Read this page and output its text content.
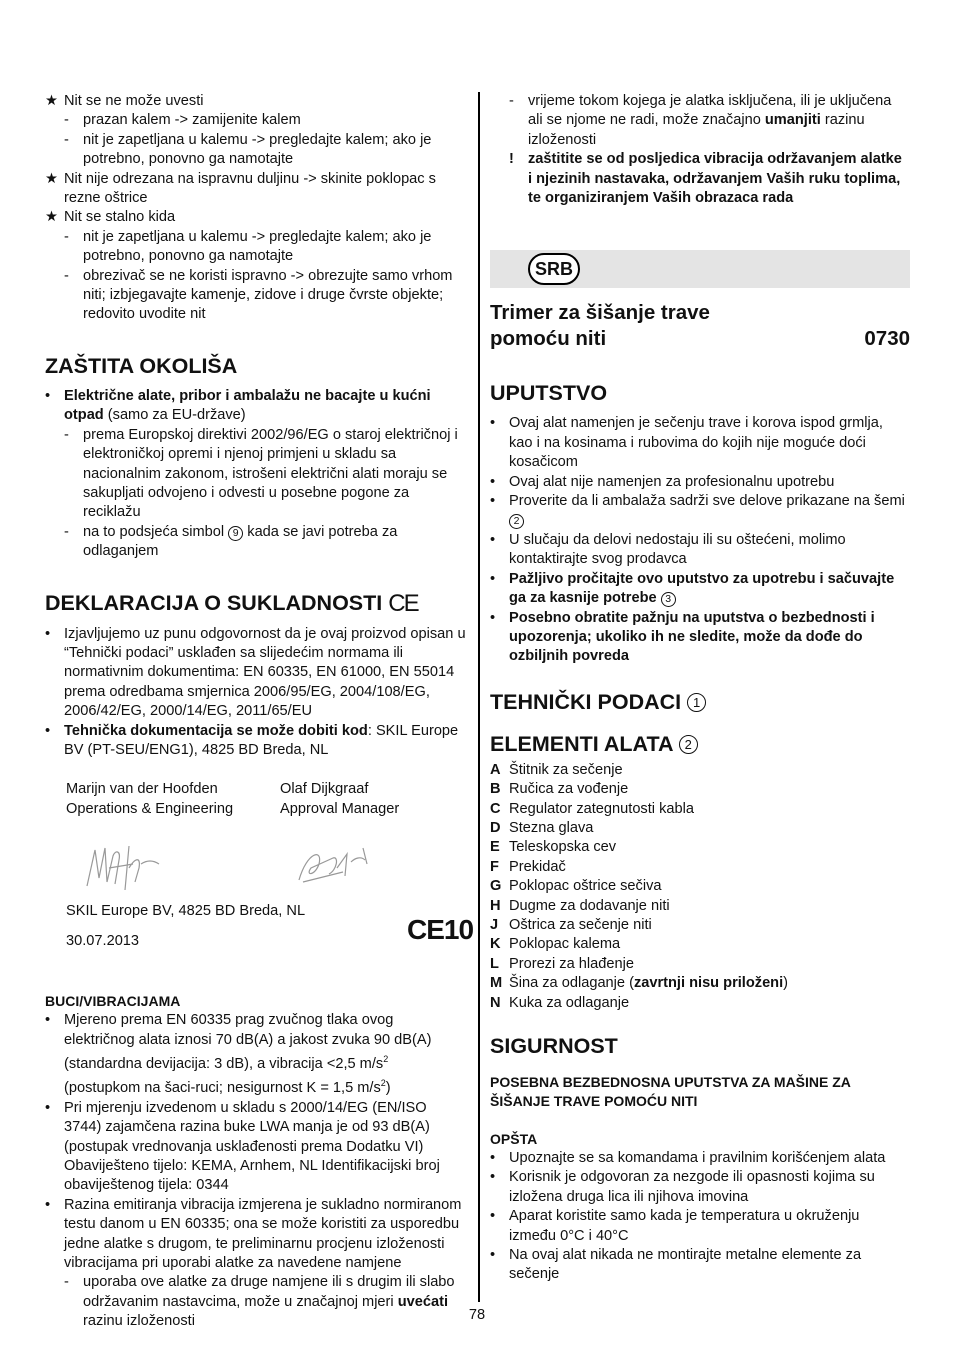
★ Nit se ne može uvesti
- prazan kalem -> zamijenite kalem
- nit je zapetljana u kalemu -> pregledajte kalem; ako je potrebno, ponovno ga namotajte
★ Nit nije odrezana na ispravnu duljinu -> skinite poklopac s rezne oštrice
★ Nit se stalno kida
- nit je zapetljana u kalemu -> pregledajte kalem; ako je potrebno, ponovno ga namotajte
- obrezivač se ne koristi ispravno -> obrezujte samo vrhom niti; izbjegavajte kamenje, zidove i druge čvrste objekte; redovito uvodite nit
ZAŠTITA OKOLIŠA
• Električne alate, pribor i ambalažu ne bacajte u kućni otpad (samo za EU-države)
- prema Europskoj direktivi 2002/96/EG o staroj električnoj i elektroničkoj opremi i njenoj primjeni u skladu sa nacionalnim zakonom, istrošeni električni alati moraju se sakupljati odvojeno i odvesti u posebne pogone za reciklažu
- na to podsjeća simbol 9 kada se javi potreba za odlaganjem
DEKLARACIJA O SUKLADNOSTI CE
• Izjavljujemo uz punu odgovornost da je ovaj proizvod opisan u “Tehnički podaci” usklađen sa slijedećim normama ili normativnim dokumentima: EN 60335, EN 61000, EN 55014 prema odredbama smjernica 2006/95/EG, 2004/108/EG, 2006/42/EG, 2000/14/EG, 2011/65/EU
• Tehnička dokumentacija se može dobiti kod: SKIL Europe BV (PT-SEU/ENG1), 4825 BD Breda, NL
Marijn van der Hoofden
Operations & Engineering
Olaf Dijkgraaf
Approval Manager
SKIL Europe BV, 4825 BD Breda, NL
30.07.2013	CE10
BUCI/VIBRACIJAMA
• Mjereno prema EN 60335 prag zvučnog tlaka ovog električnog alata iznosi 70 dB(A) a jakost zvuka 90 dB(A) (standardna devijacija: 3 dB), a vibracija <2,5 $m/s^2$ (postupkom na šaci-ruci; nesigurnost K = 1,5 $m/s^2$)
• Pri mjerenju izvedenom u skladu s 2000/14/EG (EN/ISO 3744) zajamčena razina buke LWA manja je od 93 dB(A) (postupak vrednovanja usklađenosti prema Dodatku VI) Obaviješteno tijelo: KEMA, Arnhem, NL Identifikacijski broj obaviještenog tijela: 0344
• Razina emitiranja vibracija izmjerena je sukladno normiranom testu danom u EN 60335; ona se može koristiti za usporedbu jedne alatke s drugom, te preliminarnu procjenu izloženosti vibracijama pri uporabi alatke za navedene namjene
- uporaba ove alatke za druge namjene ili s drugim ili slabo održavanim nastavcima, može u značajnoj mjeri uvećati razinu izloženosti
- vrijeme tokom kojega je alatka isključena, ili je uključena ali se njome ne radi, može značajno umanjiti razinu izloženosti
! zaštitite se od posljedica vibracija održavanjem alatke i njezinih nastavaka, održavanjem Vaših ruku toplima, te organiziranjem Vaših obrazaca rada
SRB
Trimer za šišanje trave
pomoću niti	0730
UPUTSTVO
• Ovaj alat namenjen je sečenju trave i korova ispod grmlja, kao i na kosinama i rubovima do kojih nije moguće doći kosačicom
• Ovaj alat nije namenjen za profesionalnu upotrebu
• Proverite da li ambalaža sadrži sve delove prikazane na šemi 2
• U slučaju da delovi nedostaju ili su oštećeni, molimo kontaktirajte svog prodavca
• Pažljivo pročitajte ovo uputstvo za upotrebu i sačuvajte ga za kasnije potrebe 3
• Posebno obratite pažnju na uputstva o bezbednosti i upozorenja; ukoliko ih ne sledite, može da dođe do ozbiljnih povreda
TEHNIČKI PODACI 1
ELEMENTI ALATA 2
A Štitnik za sečenje
B Ručica za vođenje
C Regulator zategnutosti kabla
D Stezna glava
E Teleskopska cev
F Prekidač
G Poklopac oštrice sečiva
H Dugme za dodavanje niti
J Oštrica za sečenje niti
K Poklopac kalema
L Prorezi za hlađenje
M Šina za odlaganje (zavrtnji nisu priloženi)
N Kuka za odlaganje
SIGURNOST
POSEBNA BEZBEDNOSNA UPUTSTVA ZA MAŠINE ZA ŠIŠANJE TRAVE POMOĆU NITI
OPŠTA
• Upoznajte se sa komandama i pravilnim korišćenjem alata
• Korisnik je odgovoran za nezgode ili opasnosti kojima su izložena druga lica ili njihova imovina
• Aparat koristite samo kada je temperatura u okruženju između 0°C i 40°C
• Na ovaj alat nikada ne montirajte metalne elemente za sečenje
78
